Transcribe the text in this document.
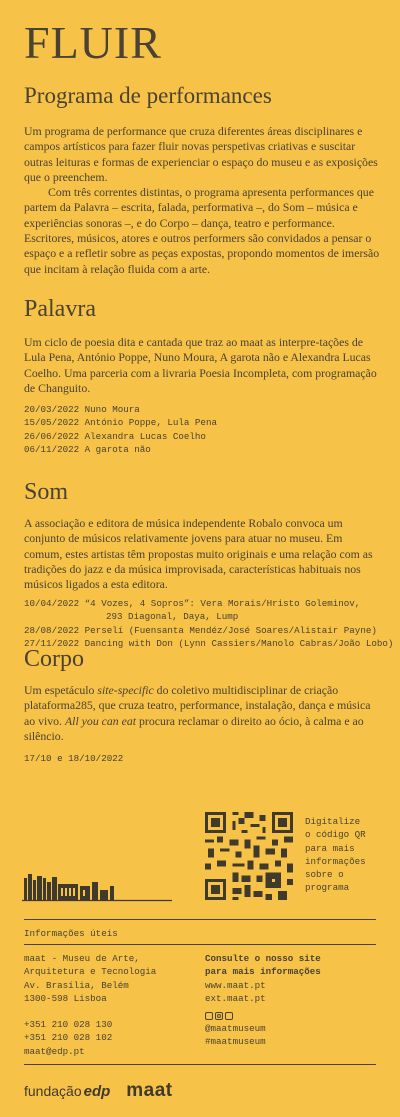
FLUIR
Programa de performances

Um programa de performance que cruza diferentes áreas disciplinares e campos artísticos para fazer fluir novas perspetivas criativas e suscitar outras leituras e formas de experienciar o espaço do museu e as exposições que o preenchem.

Com três correntes distintas, o programa apresenta performances que partem da Palavra – escrita, falada, performativa –, do Som – música e experiências sonoras –, e do Corpo – dança, teatro e performance. Escritores, músicos, atores e outros performers são convidados a pensar o espaço e a refletir sobre as peças expostas, propondo momentos de imersão que incitam à relação fluida com a arte.

Palavra

Um ciclo de poesia dita e cantada que traz ao maat as interpre-tações de Lula Pena, António Poppe, Nuno Moura, A garota não e Alexandra Lucas Coelho. Uma parceria com a livraria Poesia Incompleta, com programação de Changuito.

20/03/2022 Nuno Moura
15/05/2022 António Poppe, Lula Pena
26/06/2022 Alexandra Lucas Coelho
06/11/2022 A garota não
Som

A associação e editora de música independente Robalo convoca um conjunto de músicos relativamente jovens para atuar no museu. Em comum, estes artistas têm propostas muito originais e uma relação com as tradições do jazz e da música improvisada, características habituais nos músicos ligados a esta editora.

10/04/2022 “4 Vozes, 4 Sopros”: Vera Morais/Hristo Goleminov,
293 Diagonal, Daya, Lump
28/08/2022 Perselí (Fuensanta Mendéz/José Soares/Alistair Payne)
27/11/2022 Dancing with Don (Lynn Cassiers/Manolo Cabras/João Lobo)
Corpo

Um espetáculo site-specific do coletivo multidisciplinar de criação plataforma285, que cruza teatro, performance, instalação, dança e música ao vivo. All you can eat procura reclamar o direito ao ócio, à calma e ao silêncio.

17/10 e 18/10/2022
Digitalize
o código QR
para mais
informações
sobre o
programa
Informações úteis
maat - Museu de Arte,
Arquitetura e Tecnologia
Av. Brasília, Belém
1300-598 Lisboa
+351 210 028 130
+351 210 028 102
maat@edp.pt
Consulte o nosso site
para mais informações
www.maat.pt
ext.maat.pt
@maatmuseum
#maatmuseum
fundação edp maat
